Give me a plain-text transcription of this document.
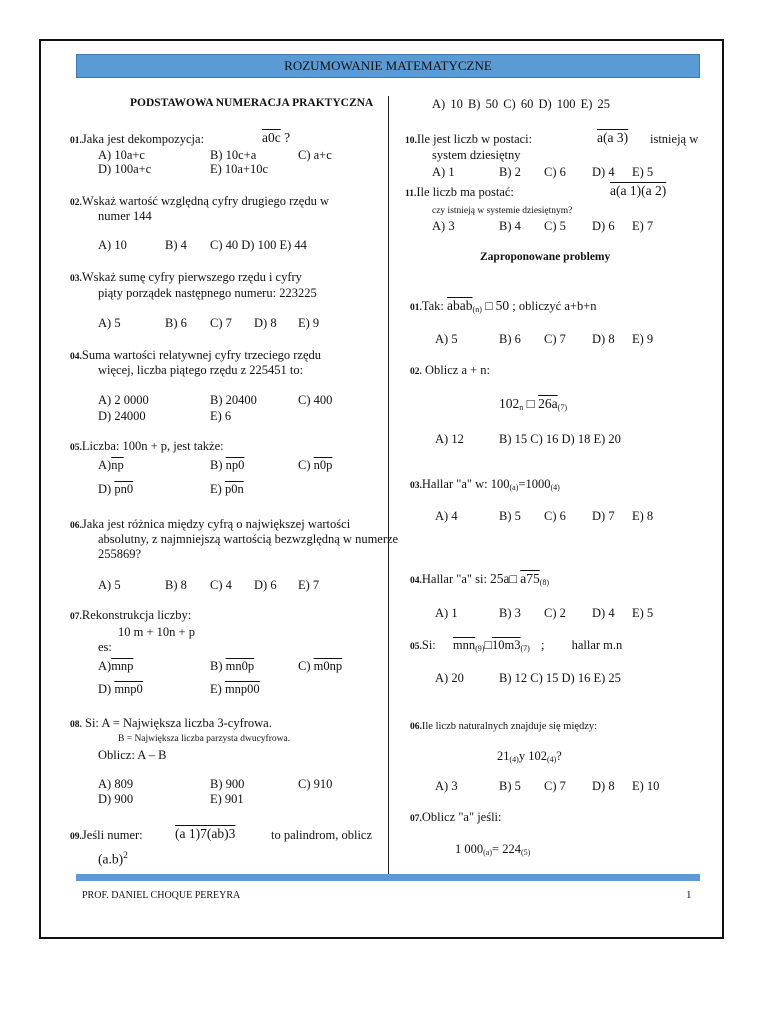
ROZUMOWANIE MATEMATYCZNE
PODSTAWOWA NUMERACJA PRAKTYCZNA
01.Jaka jest dekompozycja:	a0c ?
A) 10a+c	B) 10c+a	C) a+c
D) 100a+c	E) 10a+10c
02.Wskaż wartość względną cyfry drugiego rzędu w
numer 144
A) 10	B) 4 C) 40 D) 100 E) 44
03.Wskaż sumę cyfry pierwszego rzędu i cyfry
piąty porządek następnego numeru: 223225
A) 5	B) 6 C) 7 D) 8 E) 9
04.Suma wartości relatywnej cyfry trzeciego rzędu
więcej, liczba piątego rzędu z 225451 to:
A) 2 0000	B) 20400	C) 400
D) 24000	E) 6
05.Liczba: 100n + p, jest także:
$A)\overline{np}$	B) np0	C) n0p
D) pn0	E) p0n
06.Jaka jest różnica między cyfrą o największej wartości
absolutny, z najmniejszą wartością bezwzględną w numerze
255869?
A) 5	B) 8 C) 4 D) 6 E) 7
07.Rekonstrukcja liczby:
10 m + 10n + p
es:
$A)\overline{mnp}$	B) mn0p	C) m0np
D) mnp0	E) mnp00
08. Si: A = Największa liczba 3-cyfrowa.
B = Największa liczba parzysta dwucyfrowa.
Oblicz: A – B
A) 809	B) 900	C) 910
D) 900	E) 901
09.Jeśli numer: (a 1)7(ab)3	to palindrom, oblicz
$(a.b)^2$
A) 10 B) 50 C) 60 D) 100 E) 25
10.Ile jest liczb w postaci:	a(a 3) istnieją w
system dziesiętny
A) 1	B) 2 C) 6 D) 4 E) 5
11.Ile liczb ma postać:	a(a 1)(a 2)
czy istnieją w systemie dziesiętnym?
A) 3	B) 4 C) 5 D) 6 E) 7
Zaproponowane problemy
01.Tak: abab$_{(n)}$ □ 50 ; obliczyć a+b+n
A) 5	B) 6 C) 7 D) 8 E) 9
02. Oblicz a + n:
$102_n$ □ $26a_{(7)}$
A) 12	B) 15 C) 16 D) 18 E) 20
03.Hallar "a" w: $100_{(a)}=1000_{(4)}$
A) 4	B) 5 C) 6 D) 7 E) 8
04.Hallar "a" si: 25a□ $a75_{(8)}$
A) 1	B) 3 C) 2 D) 4 E) 5
05.Si: $\overline{mnn}_{(9)}□10m3_{(7)}$ ; hallar m.n
A) 20	B) 12 C) 15 D) 16 E) 25
06.Ile liczb naturalnych znajduje się między:
$21_{(4)}y$ $102_{(4)}$?
A) 3	B) 5 C) 7 D) 8 E) 10
07.Oblicz "a" jeśli:
1 $000_{(a)}= 224_{(5)}$
PROF. DANIEL CHOQUE PEREYRA	1
